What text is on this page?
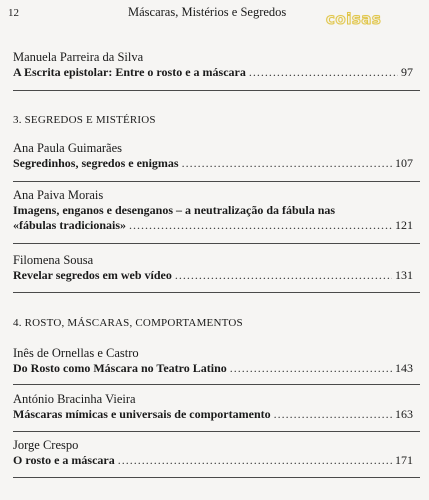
12	Máscaras, Mistérios e Segredos	coisas
Manuela Parreira da Silva
A Escrita epistolar: Entre o rosto e a máscara .....	97
3. SEGREDOS E MISTÉRIOS
Ana Paula Guimarães
Segredinhos, segredos e enigmas .....	107
Ana Paiva Morais
Imagens, enganos e desenganos – a neutralização da fábula nas
«fábulas tradicionais» .....	121
Filomena Sousa
Revelar segredos em web vídeo .....	131
4. ROSTO, MÁSCARAS, COMPORTAMENTOS
Inês de Ornellas e Castro
Do Rosto como Máscara no Teatro Latino .....	143
António Bracinha Vieira
Máscaras mímicas e universais de comportamento .....	163
Jorge Crespo
O rosto e a máscara .....	171
